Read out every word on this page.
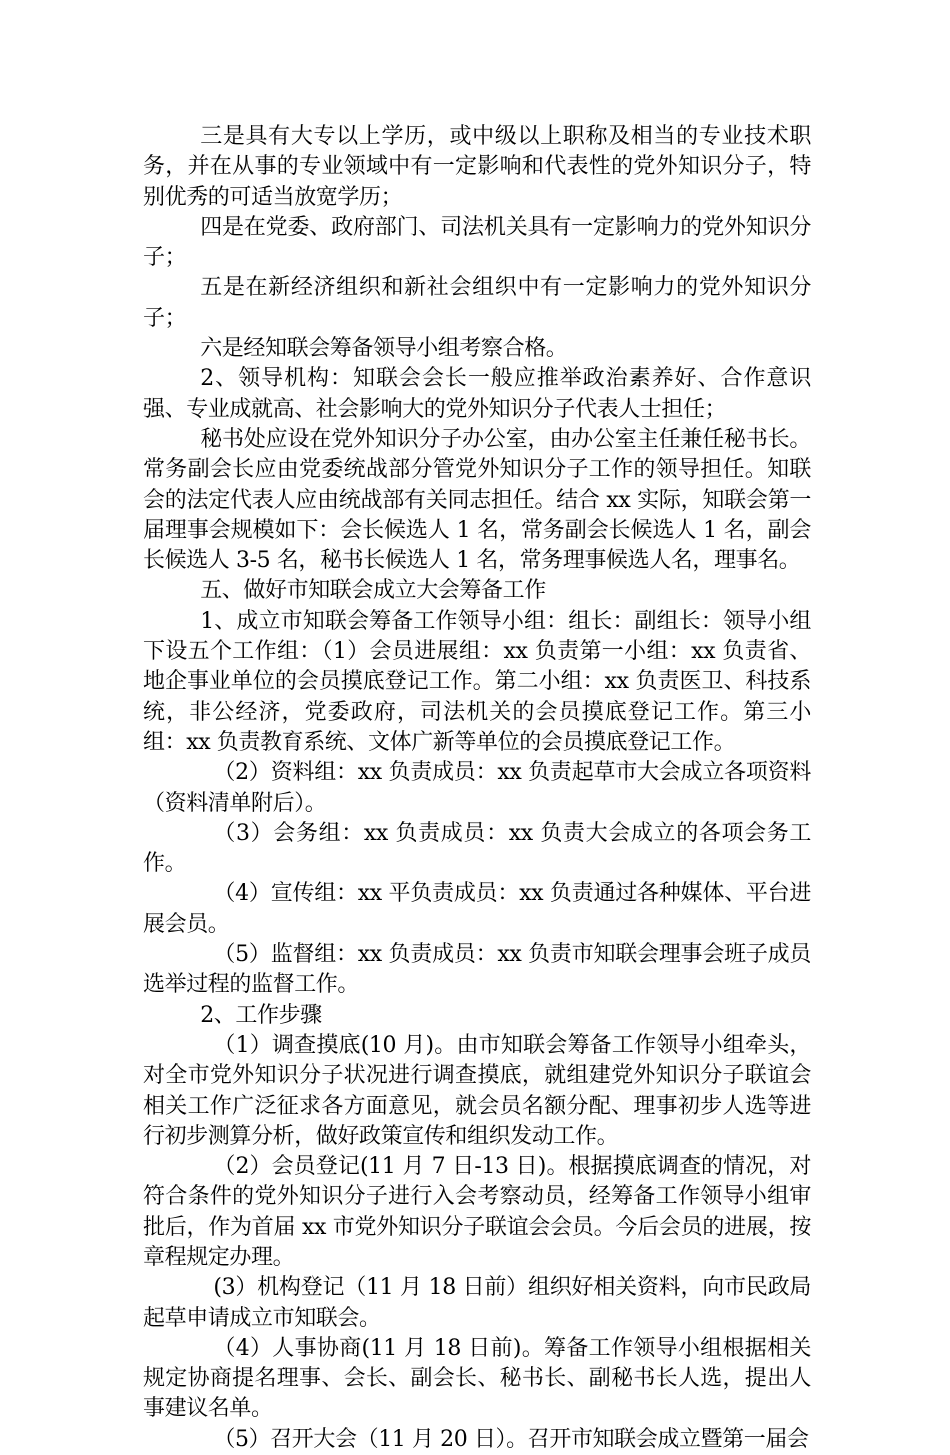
三是具有大专以上学历，或中级以上职称及相当的专业技术职务，并在从事的专业领域中有一定影响和代表性的党外知识分子，特别优秀的可适当放宽学历；

四是在党委、政府部门、司法机关具有一定影响力的党外知识分子；

五是在新经济组织和新社会组织中有一定影响力的党外知识分子；

六是经知联会筹备领导小组考察合格。

2、领导机构：知联会会长一般应推举政治素养好、合作意识强、专业成就高、社会影响大的党外知识分子代表人士担任；

秘书处应设在党外知识分子办公室，由办公室主任兼任秘书长。常务副会长应由党委统战部分管党外知识分子工作的领导担任。知联会的法定代表人应由统战部有关同志担任。结合 xx 实际，知联会第一届理事会规模如下：会长候选人 1 名，常务副会长候选人 1 名，副会长候选人 3-5 名，秘书长候选人 1 名，常务理事候选人名，理事名。

五、做好市知联会成立大会筹备工作

1、成立市知联会筹备工作领导小组：组长：副组长：领导小组下设五个工作组：（1）会员进展组：xx 负责第一小组：xx 负责省、地企事业单位的会员摸底登记工作。第二小组：xx 负责医卫、科技系统，非公经济，党委政府，司法机关的会员摸底登记工作。第三小组：xx 负责教育系统、文体广新等单位的会员摸底登记工作。

（2）资料组：xx 负责成员：xx 负责起草市大会成立各项资料（资料清单附后）。

（3）会务组：xx 负责成员：xx 负责大会成立的各项会务工作。

（4）宣传组：xx 平负责成员：xx 负责通过各种媒体、平台进展会员。

（5）监督组：xx 负责成员：xx 负责市知联会理事会班子成员选举过程的监督工作。

2、工作步骤

（1）调查摸底(10 月)。由市知联会筹备工作领导小组牵头，对全市党外知识分子状况进行调查摸底，就组建党外知识分子联谊会相关工作广泛征求各方面意见，就会员名额分配、理事初步人选等进行初步测算分析，做好政策宣传和组织发动工作。

（2）会员登记(11 月 7 日-13 日)。根据摸底调查的情况，对符合条件的党外知识分子进行入会考察动员，经筹备工作领导小组审批后，作为首届 xx 市党外知识分子联谊会会员。今后会员的进展，按章程规定办理。

(3）机构登记（11 月 18 日前）组织好相关资料，向市民政局起草申请成立市知联会。

（4）人事协商(11 月 18 日前)。筹备工作领导小组根据相关规定协商提名理事、会长、副会长、秘书长、副秘书长人选，提出人事建议名单。

（5）召开大会（11 月 20 日）。召开市知联会成立暨第一届会
